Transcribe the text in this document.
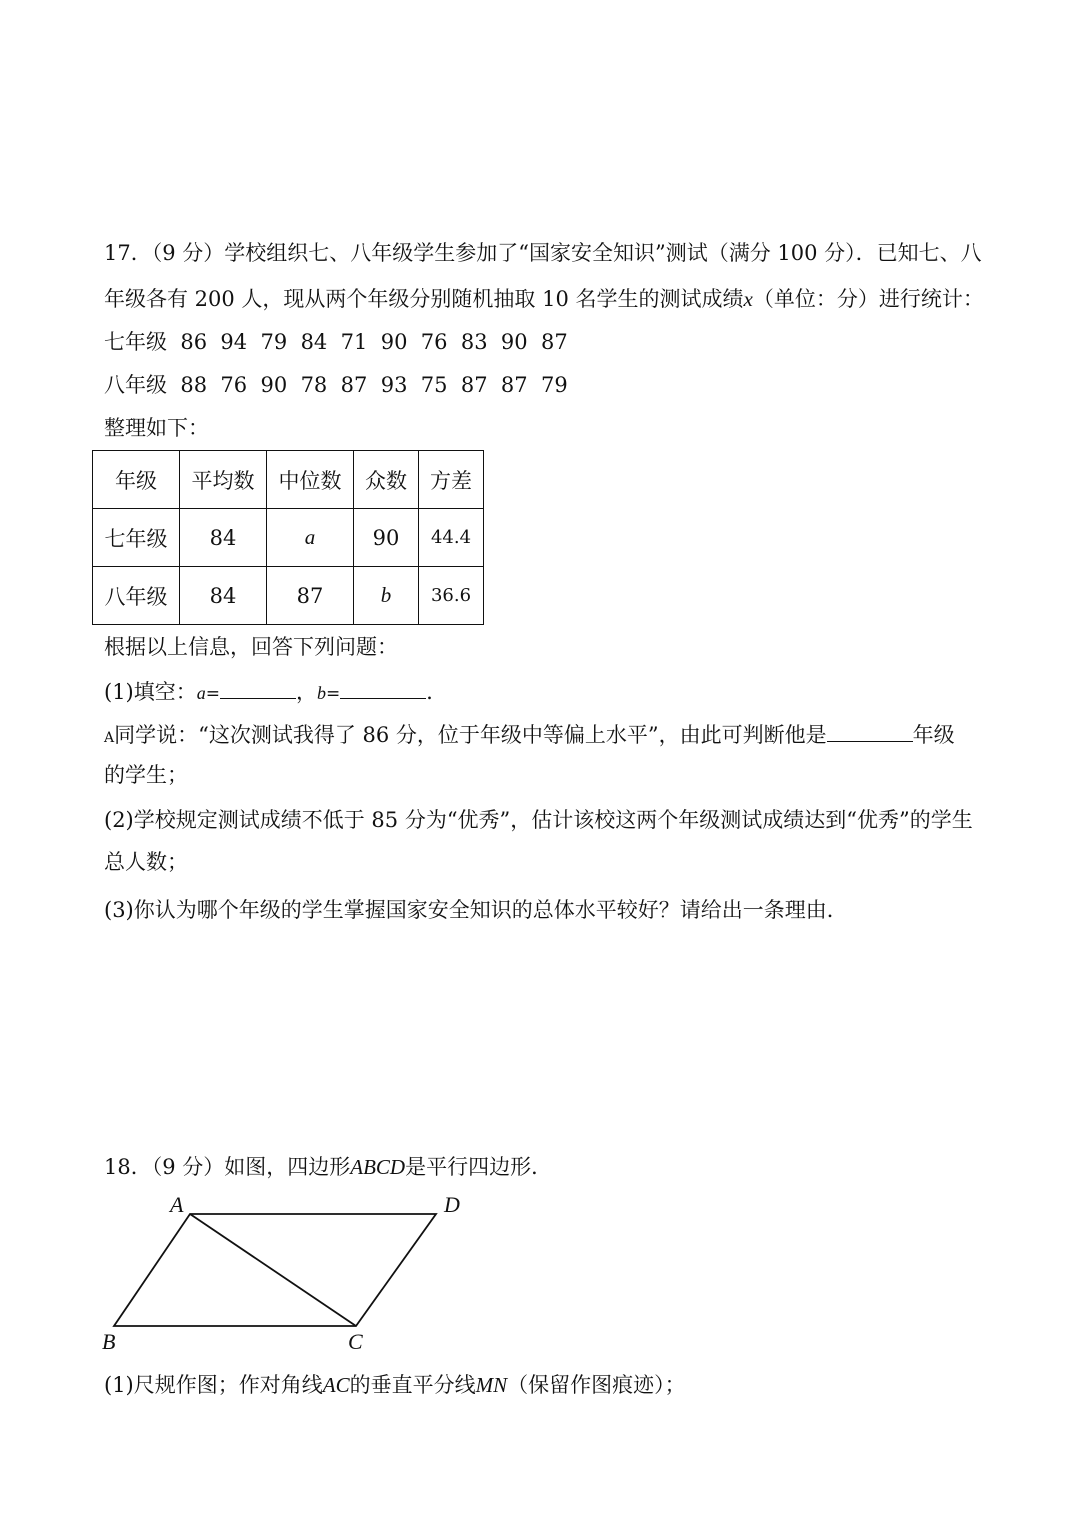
17．（9 分）学校组织七、八年级学生参加了“国家安全知识”测试（满分 100 分）．已知七、八
年级各有 200 人，现从两个年级分别随机抽取 10 名学生的测试成绩x（单位：分）进行统计：
七年级  86  94  79  84  71  90  76  83  90  87
八年级  88  76  90  78  87  93  75  87  87  79
整理如下：
年级	平均数	中位数	众数	方差
七年级	84	a	90	44.4
八年级	84	87	b	36.6
根据以上信息，回答下列问题：
(1)填空：a=	，b=	．
A同学说：“这次测试我得了 86 分，位于年级中等偏上水平”，由此可判断他是	年级
的学生；
(2)学校规定测试成绩不低于 85 分为“优秀”，估计该校这两个年级测试成绩达到“优秀”的学生
总人数；
(3)你认为哪个年级的学生掌握国家安全知识的总体水平较好？请给出一条理由．
18．（9 分）如图，四边形ABCD是平行四边形．
A	D
B	C
(1)尺规作图；作对角线AC的垂直平分线MN（保留作图痕迹）；
